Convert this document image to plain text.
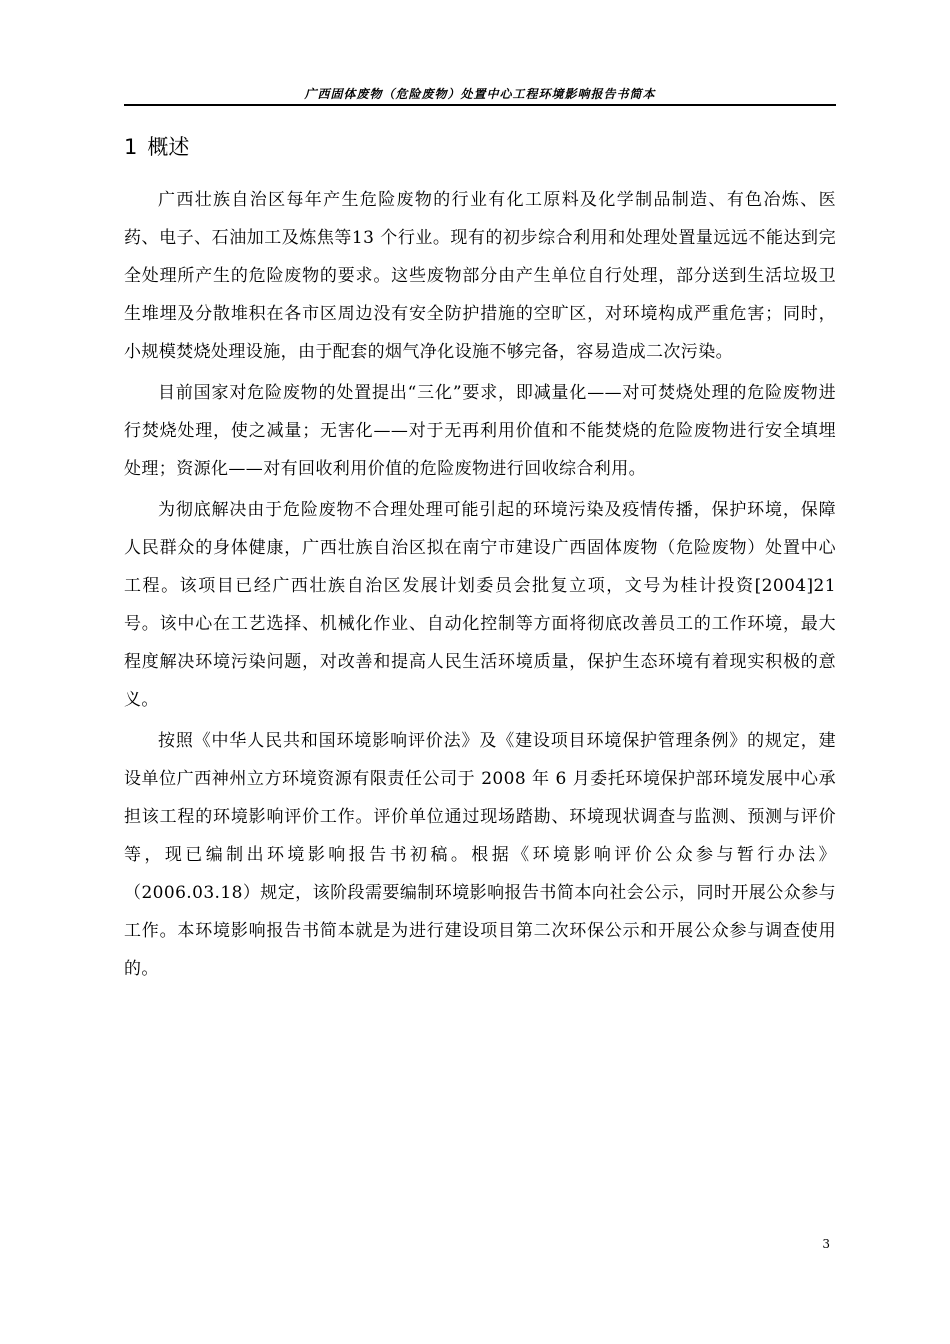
广西固体废物（危险废物）处置中心工程环境影响报告书简本
1 概述

广西壮族自治区每年产生危险废物的行业有化工原料及化学制品制造、有色冶炼、医药、电子、石油加工及炼焦等13 个行业。现有的初步综合利用和处理处置量远远不能达到完全处理所产生的危险废物的要求。这些废物部分由产生单位自行处理，部分送到生活垃圾卫生堆埋及分散堆积在各市区周边没有安全防护措施的空旷区，对环境构成严重危害；同时，小规模焚烧处理设施，由于配套的烟气净化设施不够完备，容易造成二次污染。

目前国家对危险废物的处置提出“三化”要求，即减量化——对可焚烧处理的危险废物进行焚烧处理，使之减量；无害化——对于无再利用价值和不能焚烧的危险废物进行安全填埋处理；资源化——对有回收利用价值的危险废物进行回收综合利用。

为彻底解决由于危险废物不合理处理可能引起的环境污染及疫情传播，保护环境，保障人民群众的身体健康，广西壮族自治区拟在南宁市建设广西固体废物（危险废物）处置中心工程。该项目已经广西壮族自治区发展计划委员会批复立项，文号为桂计投资[2004]21 号。该中心在工艺选择、机械化作业、自动化控制等方面将彻底改善员工的工作环境，最大程度解决环境污染问题，对改善和提高人民生活环境质量，保护生态环境有着现实积极的意义。

按照《中华人民共和国环境影响评价法》及《建设项目环境保护管理条例》的规定，建设单位广西神州立方环境资源有限责任公司于 2008 年 6 月委托环境保护部环境发展中心承担该工程的环境影响评价工作。评价单位通过现场踏勘、环境现状调查与监测、预测与评价等，现已编制出环境影响报告书初稿。根据《环境影响评价公众参与暂行办法》（2006.03.18）规定，该阶段需要编制环境影响报告书简本向社会公示，同时开展公众参与工作。本环境影响报告书简本就是为进行建设项目第二次环保公示和开展公众参与调查使用的。

3
